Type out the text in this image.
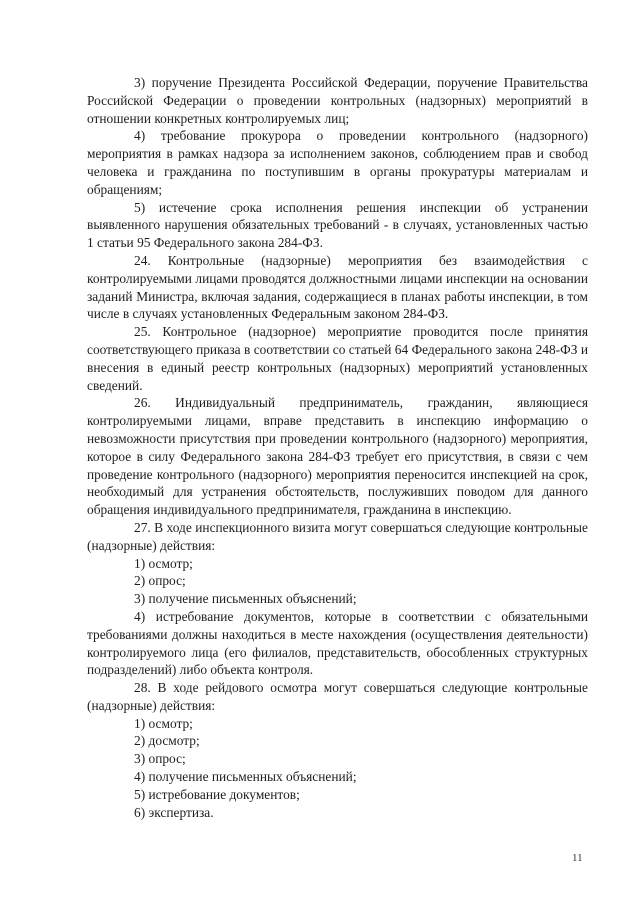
3) поручение Президента Российской Федерации, поручение Правительства Российской Федерации о проведении контрольных (надзорных) мероприятий в отношении конкретных контролируемых лиц;

4) требование прокурора о проведении контрольного (надзорного) мероприятия в рамках надзора за исполнением законов, соблюдением прав и свобод человека и гражданина по поступившим в органы прокуратуры материалам и обращениям;

5) истечение срока исполнения решения инспекции об устранении выявленного нарушения обязательных требований - в случаях, установленных частью 1 статьи 95 Федерального закона 284-ФЗ.

24. Контрольные (надзорные) мероприятия без взаимодействия с контролируемыми лицами проводятся должностными лицами инспекции на основании заданий Министра, включая задания, содержащиеся в планах работы инспекции, в том числе в случаях установленных Федеральным законом 284-ФЗ.

25. Контрольное (надзорное) мероприятие проводится после принятия соответствующего приказа в соответствии со статьей 64 Федерального закона 248-ФЗ и внесения в единый реестр контрольных (надзорных) мероприятий установленных сведений.

26. Индивидуальный предприниматель, гражданин, являющиеся контролируемыми лицами, вправе представить в инспекцию информацию о невозможности присутствия при проведении контрольного (надзорного) мероприятия, которое в силу Федерального закона 284-ФЗ требует его присутствия, в связи с чем проведение контрольного (надзорного) мероприятия переносится инспекцией на срок, необходимый для устранения обстоятельств, послуживших поводом для данного обращения индивидуального предпринимателя, гражданина в инспекцию.

27. В ходе инспекционного визита могут совершаться следующие контрольные (надзорные) действия:

1) осмотр;

2) опрос;

3) получение письменных объяснений;

4) истребование документов, которые в соответствии с обязательными требованиями должны находиться в месте нахождения (осуществления деятельности) контролируемого лица (его филиалов, представительств, обособленных структурных подразделений) либо объекта контроля.

28. В ходе рейдового осмотра могут совершаться следующие контрольные (надзорные) действия:

1) осмотр;

2) досмотр;

3) опрос;

4) получение письменных объяснений;

5) истребование документов;

6) экспертиза.

11
